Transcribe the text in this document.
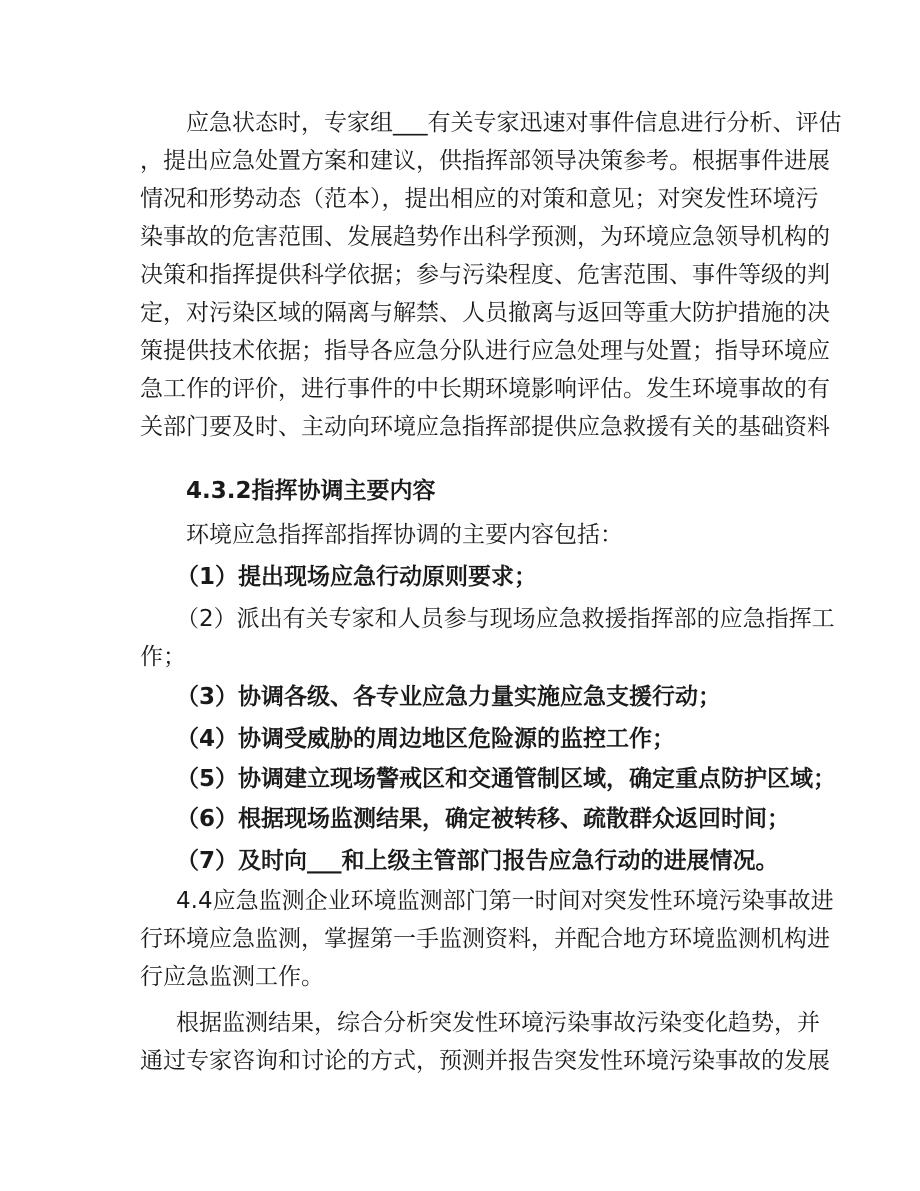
　　应急状态时，专家组___有关专家迅速对事件信息进行分析、评估
，提出应急处置方案和建议，供指挥部领导决策参考。根据事件进展
情况和形势动态（范本），提出相应的对策和意见；对突发性环境污
染事故的危害范围、发展趋势作出科学预测，为环境应急领导机构的
决策和指挥提供科学依据；参与污染程度、危害范围、事件等级的判
定，对污染区域的隔离与解禁、人员撤离与返回等重大防护措施的决
策提供技术依据；指导各应急分队进行应急处理与处置；指导环境应
急工作的评价，进行事件的中长期环境影响评估。发生环境事故的有
关部门要及时、主动向环境应急指挥部提供应急救援有关的基础资料
4.3.2指挥协调主要内容
环境应急指挥部指挥协调的主要内容包括：
（1）提出现场应急行动原则要求；
（2）派出有关专家和人员参与现场应急救援指挥部的应急指挥工
作；
（3）协调各级、各专业应急力量实施应急支援行动；
（4）协调受威胁的周边地区危险源的监控工作；
（5）协调建立现场警戒区和交通管制区域，确定重点防护区域；
（6）根据现场监测结果，确定被转移、疏散群众返回时间；
（7）及时向___和上级主管部门报告应急行动的进展情况。
4.4应急监测企业环境监测部门第一时间对突发性环境污染事故进
行环境应急监测，掌握第一手监测资料，并配合地方环境监测机构进
行应急监测工作。
根据监测结果，综合分析突发性环境污染事故污染变化趋势，并
通过专家咨询和讨论的方式，预测并报告突发性环境污染事故的发展
